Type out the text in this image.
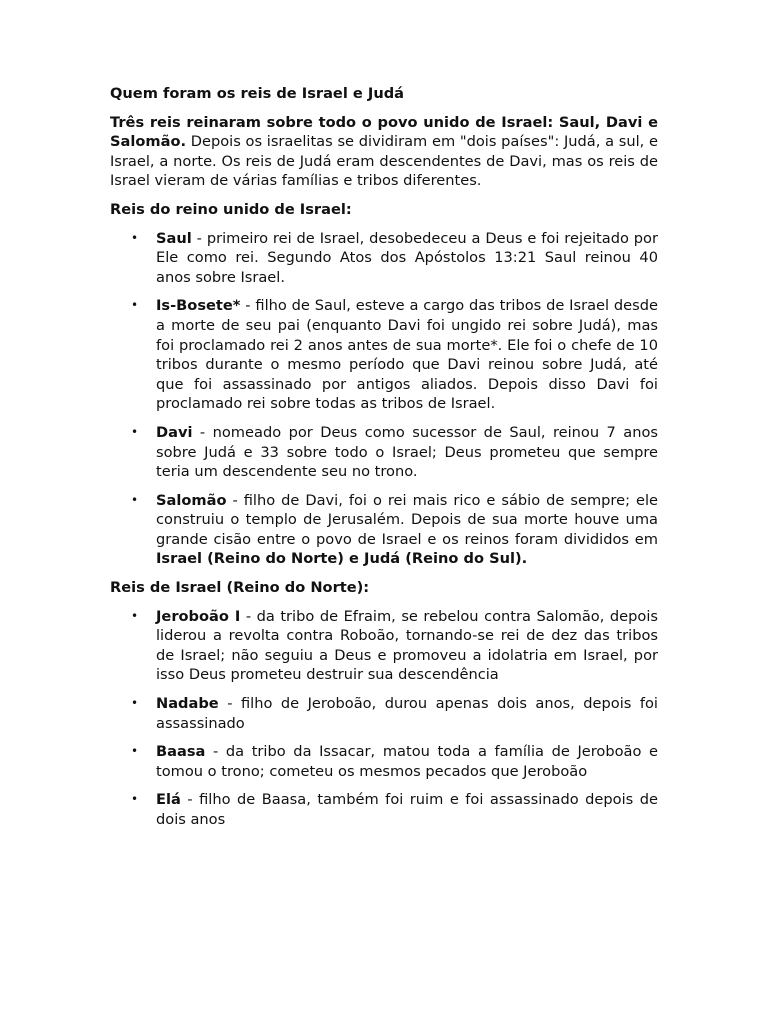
Quem foram os reis de Israel e Judá

Três reis reinaram sobre todo o povo unido de Israel: Saul, Davi e Salomão. Depois os israelitas se dividiram em "dois países": Judá, a sul, e Israel, a norte. Os reis de Judá eram descendentes de Davi, mas os reis de Israel vieram de várias famílias e tribos diferentes.

Reis do reino unido de Israel:

• Saul - primeiro rei de Israel, desobedeceu a Deus e foi rejeitado por Ele como rei. Segundo Atos dos Apóstolos 13:21 Saul reinou 40 anos sobre Israel.
• Is-Bosete* - filho de Saul, esteve a cargo das tribos de Israel desde a morte de seu pai (enquanto Davi foi ungido rei sobre Judá), mas foi proclamado rei 2 anos antes de sua morte*. Ele foi o chefe de 10 tribos durante o mesmo período que Davi reinou sobre Judá, até que foi assassinado por antigos aliados. Depois disso Davi foi proclamado rei sobre todas as tribos de Israel.
• Davi - nomeado por Deus como sucessor de Saul, reinou 7 anos sobre Judá e 33 sobre todo o Israel; Deus prometeu que sempre teria um descendente seu no trono.
• Salomão - filho de Davi, foi o rei mais rico e sábio de sempre; ele construiu o templo de Jerusalém. Depois de sua morte houve uma grande cisão entre o povo de Israel e os reinos foram divididos em Israel (Reino do Norte) e Judá (Reino do Sul).

Reis de Israel (Reino do Norte):

• Jeroboão I - da tribo de Efraim, se rebelou contra Salomão, depois liderou a revolta contra Roboão, tornando-se rei de dez das tribos de Israel; não seguiu a Deus e promoveu a idolatria em Israel, por isso Deus prometeu destruir sua descendência
• Nadabe - filho de Jeroboão, durou apenas dois anos, depois foi assassinado
• Baasa - da tribo da Issacar, matou toda a família de Jeroboão e tomou o trono; cometeu os mesmos pecados que Jeroboão
• Elá - filho de Baasa, também foi ruim e foi assassinado depois de dois anos
